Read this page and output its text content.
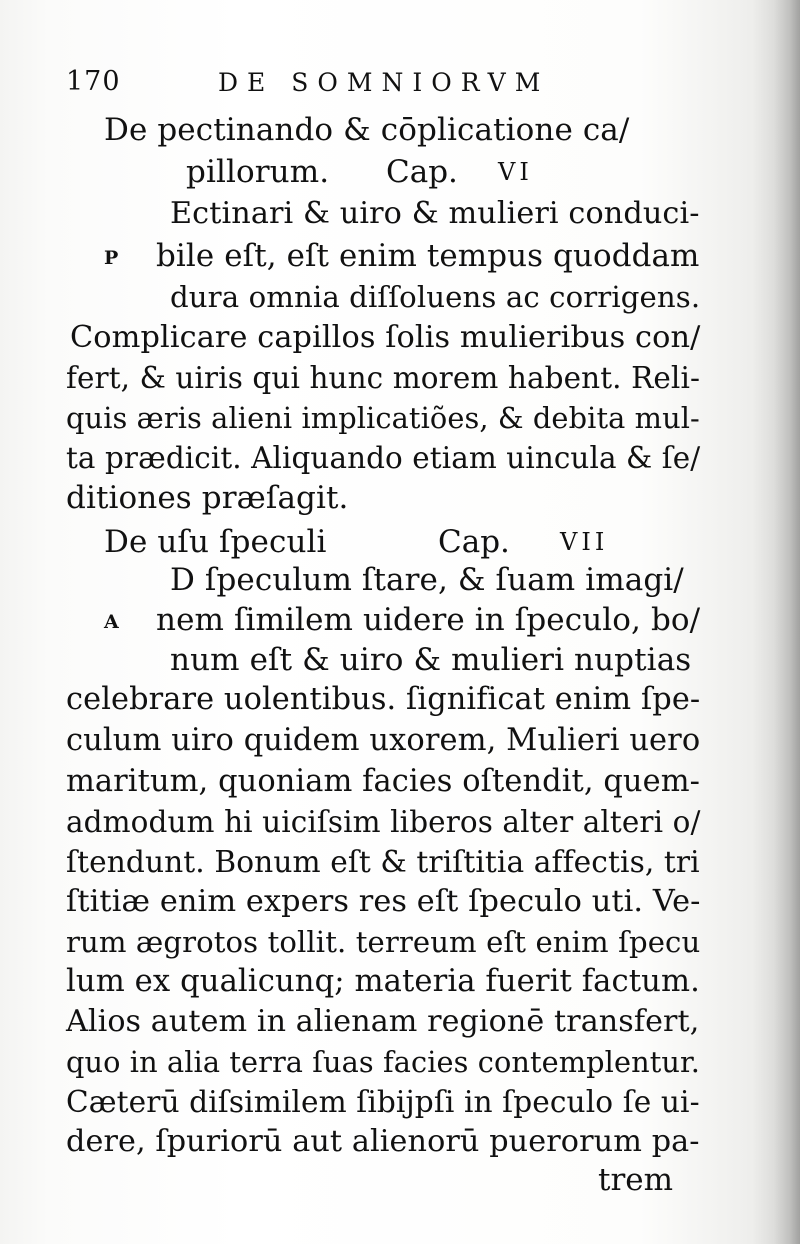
170	DE SOMNIORVM
De pectinando & cōplicatione ca/
pillorum. Cap. VI
P
Ectinari & uiro & mulieri conduci-
bile eſt, eſt enim tempus quoddam
dura omnia diſſoluens ac corrigens.
Complicare capillos ſolis mulieribus con/
fert, & uiris qui hunc morem habent. Reli-
quis æris alieni implicatiões, & debita mul-
ta prædicit. Aliquando etiam uincula & ſe/
ditiones præſagit.
De uſu ſpeculi	Cap. VII
A
D ſpeculum ſtare, & ſuam imagi/
nem ſimilem uidere in ſpeculo, bo/
num eſt & uiro & mulieri nuptias
celebrare uolentibus. ſignificat enim ſpe-
culum uiro quidem uxorem, Mulieri uero
maritum, quoniam facies oſtendit, quem-
admodum hi uiciſsim liberos alter alteri o/
ſtendunt. Bonum eſt & triſtitia affectis, tri
ſtitiæ enim expers res eſt ſpeculo uti. Ve-
rum ægrotos tollit. terreum eſt enim ſpecu
lum ex qualicunq; materia fuerit factum.
Alios autem in alienam regionē transfert,
quo in alia terra ſuas facies contemplentur.
Cæterū diſsimilem ſibijpſi in ſpeculo ſe ui-
dere, ſpuriorū aut alienorū puerorum pa-
trem
